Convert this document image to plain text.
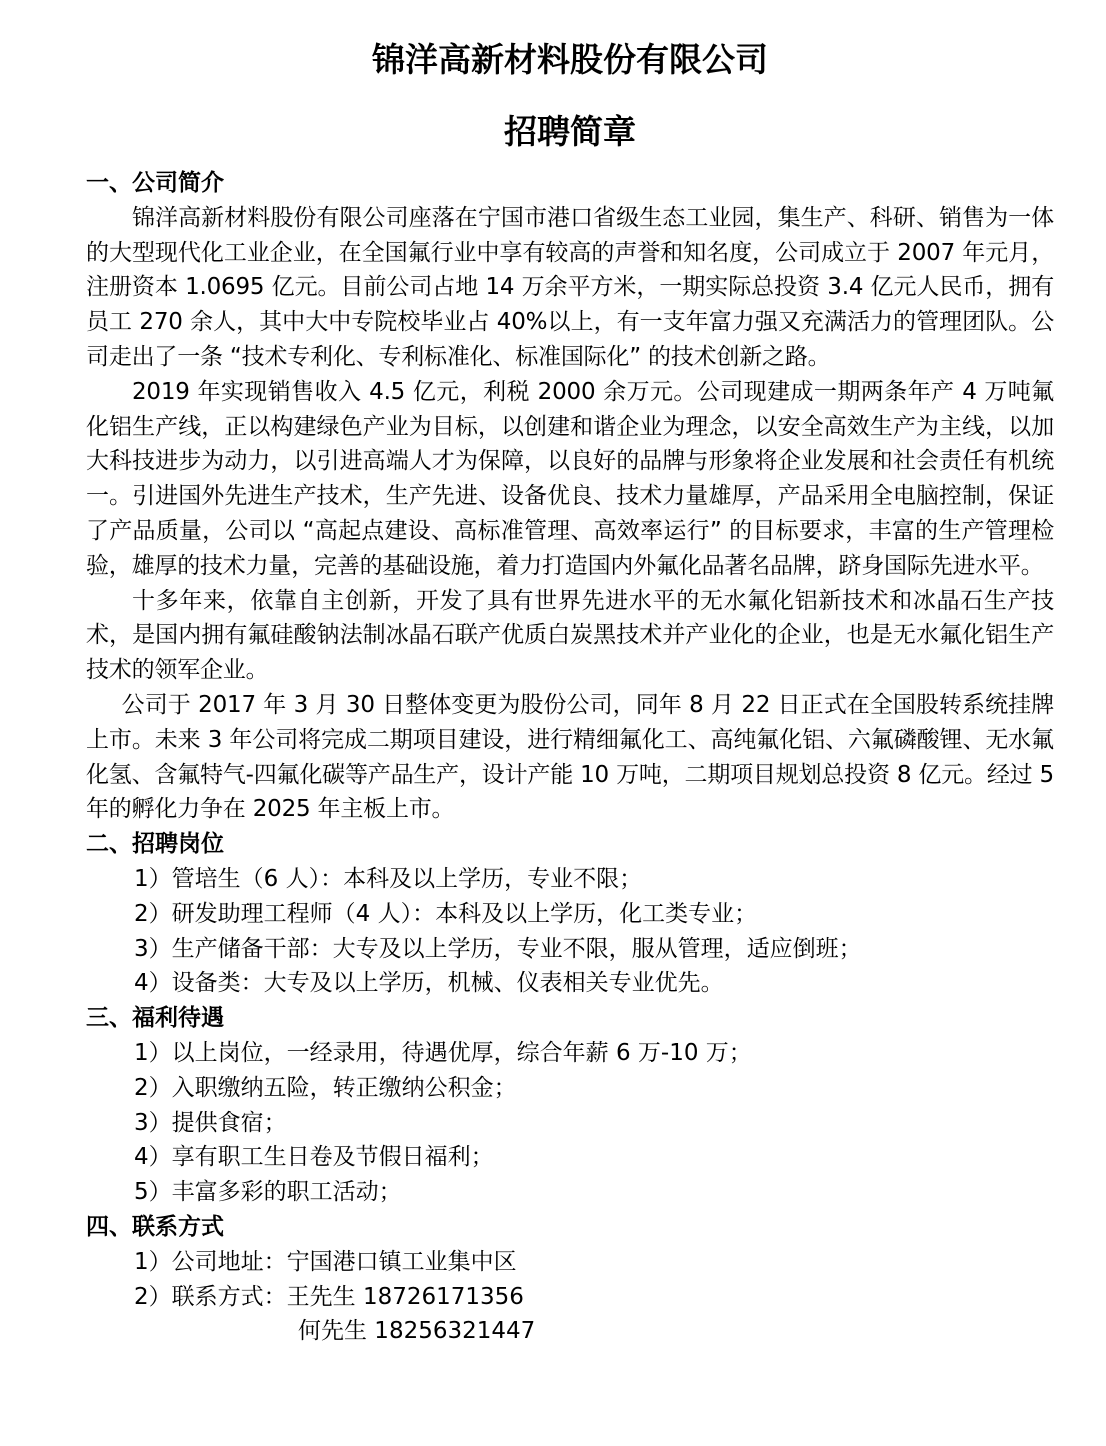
锦洋高新材料股份有限公司
招聘简章
一、公司简介

锦洋高新材料股份有限公司座落在宁国市港口省级生态工业园，集生产、科研、销售为一体的大型现代化工业企业，在全国氟行业中享有较高的声誉和知名度，公司成立于 2007 年元月，注册资本 1.0695 亿元。目前公司占地 14 万余平方米，一期实际总投资 3.4 亿元人民币，拥有员工 270 余人，其中大中专院校毕业占 40%以上，有一支年富力强又充满活力的管理团队。公司走出了一条 “技术专利化、专利标准化、标准国际化” 的技术创新之路。

2019 年实现销售收入 4.5 亿元，利税 2000 余万元。公司现建成一期两条年产 4 万吨氟化铝生产线，正以构建绿色产业为目标，以创建和谐企业为理念，以安全高效生产为主线，以加大科技进步为动力，以引进高端人才为保障，以良好的品牌与形象将企业发展和社会责任有机统一。引进国外先进生产技术，生产先进、设备优良、技术力量雄厚，产品采用全电脑控制，保证了产品质量，公司以 “高起点建设、高标准管理、高效率运行” 的目标要求，丰富的生产管理检验，雄厚的技术力量，完善的基础设施，着力打造国内外氟化品著名品牌，跻身国际先进水平。

十多年来，依靠自主创新，开发了具有世界先进水平的无水氟化铝新技术和冰晶石生产技术，是国内拥有氟硅酸钠法制冰晶石联产优质白炭黑技术并产业化的企业，也是无水氟化铝生产技术的领军企业。

公司于 2017 年 3 月 30 日整体变更为股份公司，同年 8 月 22 日正式在全国股转系统挂牌上市。未来 3 年公司将完成二期项目建设，进行精细氟化工、高纯氟化铝、六氟磷酸锂、无水氟化氢、含氟特气-四氟化碳等产品生产，设计产能 10 万吨，二期项目规划总投资 8 亿元。经过 5 年的孵化力争在 2025 年主板上市。

二、招聘岗位
1）管培生（6 人）：本科及以上学历，专业不限；
2）研发助理工程师（4 人）：本科及以上学历，化工类专业；
3）生产储备干部：大专及以上学历，专业不限，服从管理，适应倒班；
4）设备类：大专及以上学历，机械、仪表相关专业优先。
三、福利待遇
1）以上岗位，一经录用，待遇优厚，综合年薪 6 万-10 万；
2）入职缴纳五险，转正缴纳公积金；
3）提供食宿；
4）享有职工生日卷及节假日福利；
5）丰富多彩的职工活动；
四、联系方式
1）公司地址：宁国港口镇工业集中区
2）联系方式：王先生 18726171356
何先生 18256321447
